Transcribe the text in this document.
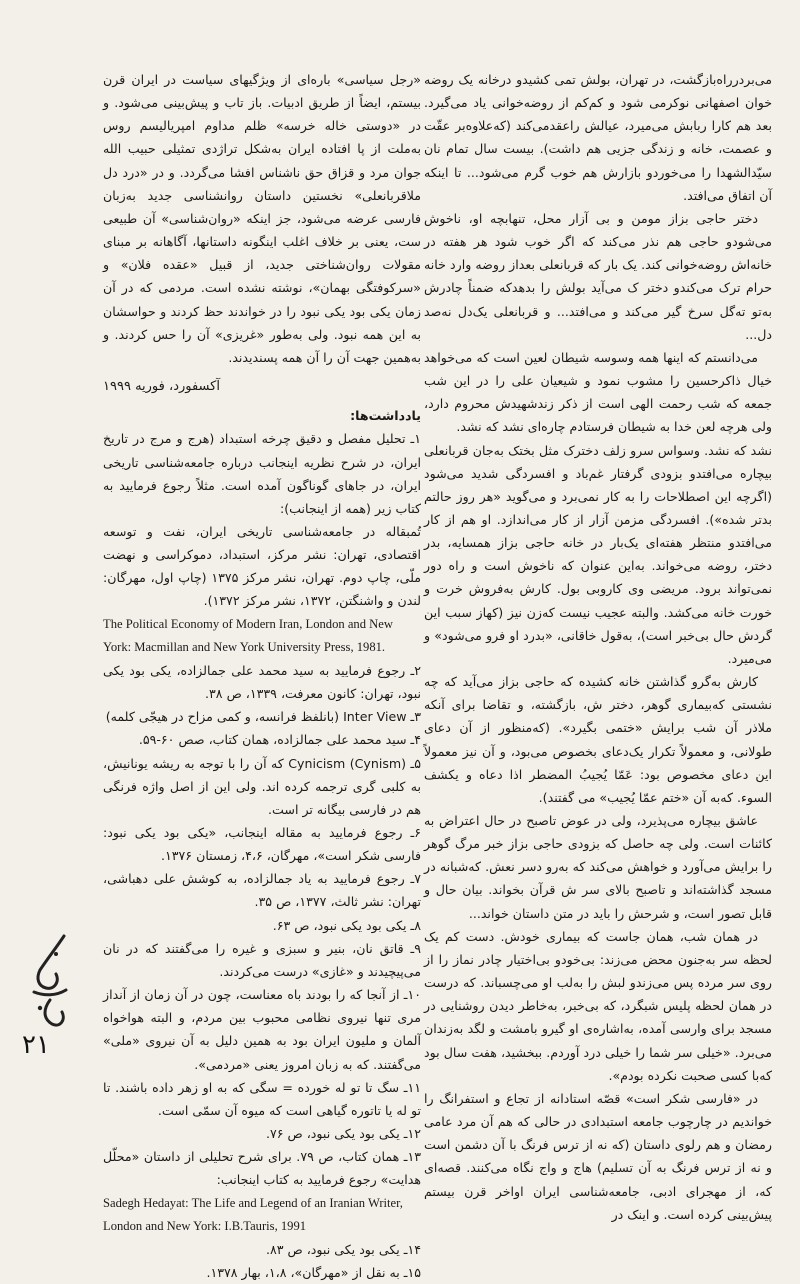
می‌بردرراه‌بازگشت، در تهران، بولش تمی کشیدو درخانه‌ یک روضه خوان اصفهانی نوکرمی شود و کم‌کم از روضه‌خوانی یاد می‌گیرد. بعد هم کار‌ا ربابش می‌میرد، عیالش راعقدمی‌کند (که‌علاوه‌بر عقّت و عصمت، خانه و زندگی جزیی هم داشت). بیست سال تمام نان سیّدالشهدا را می‌خوردو بازارش هم خوب‌ گرم می‌شود... تا اینکه آن اتفاق می‌افتد.

دختر حاجی بزاز مومن و بی آزار محل، تنهابچه‌ او، ناخوش می‌شودو حاجی هم نذر می‌کند که اگر خوب شود هر هفته در خانه‌اش روضه‌خوانی کند. یک بار که قربانعلی بعداز روضه وارد خانه‌ حرام ترک می‌کندو دختر ک می‌آید بولش را بدهدکه ضمناً چادرش به‌تو ته‌گل سرخ گیر می‌کند و می‌افتد... و قربانعلی یک‌دل نه‌صد دل...

می‌دانستم که اینها همه وسوسه‌ شیطان لعین است که می‌خواهد خیال ذاکرحسین را مشوب نمود و شیعیان علی را در این شب جمعه‌ که شب رحمت الهی است از ذکر زندشهیدش محروم دارد، ولی هرچه لعن خدا به شیطان فرستادم چاره‌ای نشد که نشد.

نشد که نشد. وسواس سرو زلف دخترک مثل بختک به‌جان قربانعلی بیچاره می‌افتدو بزودی گرفتار غم‌باد و افسردگی شدید می‌شود (اگرچه این اصطلاحات را به کار نمی‌برد و می‌گوید «هر روز حالتم بدتر شده»). افسردگی مزمن آزار از کار می‌اندازد. او هم از کار می‌افتدو منتظر هفته‌ای یک‌بار در خانه‌ حاجی بزاز همسایه، بدر دختر، روضه می‌خواند. به‌این عنوان که ناخوش است و راه دور نمی‌تواند برود. مریضی وی کاروبی بول. کارش به‌فروش خرت و خورت خانه می‌کشد. والبته عجیب نیست که‌زن نیز (کهاز سبب این گردش حال بی‌خبر است)، به‌قول خاقانی، «بدرد او فرو می‌شود» و می‌میرد.

کارش به‌گرو گذاشتن خانه کشیده که حاجی بزاز می‌آید که چه نشستی که‌بیماری گوهر، دختر ش، بازگشته، و تقاضا برای آنکه ملاذر آن شب برایش «ختمی بگیرد». (که‌منظور از آن دعای طولانی، و معمولاً تکرار یک‌دعای بخصوص می‌بود، و آن نیز معمولاً این دعای مخصوص بود: عَمّا یُجیبُ المضطر اذا دعاه و یکشف السوء. که‌به آن «ختم عمّا یُجیب» می گفتند).

عاشق بیچاره می‌پذیرد، ولی در عوض تاصبح در حال اعتراض به کائنات است. ولی چه حاصل که بزودی حاجی بزاز خبر مرگ گوهر را برایش می‌آورد و خواهش می‌کند که به‌رو دسر نعش. که‌شبانه در مسجد گذاشته‌اند و تاصبح بالای سر ش قرآن بخواند. بیان حال و قابل تصور است، و شرحش را باید در متن داستان خواند...

در همان شب، همان جاست که‌ بیماری خودش. دست کم یک لحظه‌ سر به‌جنون محض می‌زند: بی‌خودو بی‌اختیار چادر نماز را از روی سر مرده پس‌ می‌زندو لبش را به‌لب او می‌چسباند. که درست در همان لحظه پلیس شبگرد، که بی‌خبر، به‌خاطر دیدن روشنایی در مسجد برای وارسی آمده، به‌اشاره‌ی او گیرو بامشت و لگد به‌زندان می‌برد. «خیلی سر شما را خیلی درد آوردم. ببخشید، هفت سال بود که‌با کسی صحبت نکرده بودم».

در «فارسی شکر است» قصّه‌ استادانه از تجاع و استفرانگ را خواندیم در چارچوب جامعه‌ استبدادی در حالی که هم آن مرد عامی رمضان و هم رلوی داستان (که‌ نه از ترس فرنگ‌ با آن دشمن است و نه‌ از ترس فرنگ به آن تسلیم) هاج و واج نگاه می‌کنند. قصه‌ای که، از مهجرای ادبی، جامعه‌شناسی ایران اواخر قرن بیستم پیش‌بینی کرده است. و اینک در

«رجل سیاسی» باره‌ای از ویژگیهای سیاست در ایران قرن بیستم، ایضاً از طریق ادبیات. باز تاب و پیش‌بینی می‌شود. و در «دوستی خاله خرسه» ظلم مداوم امپریالیسم روس به‌ملت از پا افتاده‌ ایران به‌شکل تراژدی تمثیلی حبیب الله جوان مرد و قزاق حق‌ ناشناس افشا می‌گردد. و در «درد دل ملاقربانعلی» نخستین داستان روانشناسی جدید به‌زبان فارسی عرضه می‌شود، جز اینکه «روان‌شناسی» آن طبیعی ست، یعنی بر خلاف اغلب اینگونه داستانها، آگاهانه بر مبنای مقولات روان‌شناختی جدید، از قبیل «عقده‌ فلان» و «سرکوفتگی بهمان»، نوشته نشده است. مردمی که در آن زمان یکی بود یکی نبود را در خواندند حظ کردند و حواسشان به‌ این همه نبود. ولی به‌طور «غریزی» آن را حس کردند. و به‌همین جهت آن را آن همه پسندیدند.

آکسفورد، فوریه ۱۹۹۹

یادداشت‌ها:

۱ـ تحلیل مفصل و دقیق چرخه‌ استبداد (هرج و مرج در تاریخ ایران، در شرح نظریه‌ اینجانب درباره‌ جامعه‌شناسی تاریخی ایران، در جاهای گوناگون آمده است. مثلاً رجوع فرمایید به کتاب زیر (همه از اینجانب):
تُمبقاله در جامعه‌شناسی تاریخی ایران، نفت و توسعه‌ اقتصادی، تهران: نشر مرکز، استبداد، دموکراسی و نهضت ملّی، چاپ دوم. تهران، نشر مرکز ۱۳۷۵ (چاپ اول، مهرگان: لندن و واشنگتن، ۱۳۷۲، نشر مرکز ۱۳۷۲).
The Political Economy of Modern Iran, London and New York: Macmillan and New York University Press, 1981.
۲ـ رجوع فرمایید به‌ سید محمد علی جمالزاده، یکی بود یکی نبود، تهران: کانون معرفت، ۱۳۳۹، ص ۳۸.
۳ـ Inter View (بانلفظ فرانسه، و کمی مزاح در هیجّی کلمه)
۴ـ سید محمد علی جمالزاده، همان کتاب، صص ۶۰-۵۹.
۵ـ (Cynism) Cynicism که‌ آن را با توجه به ریشه‌ یونانیش، به‌ کلبی گری ترجمه کرده اند. ولی این از اصل واژه‌ فرنگی هم در فارسی بیگانه تر است.
۶ـ رجوع فرمایید به‌ مقاله‌ اینجانب، «یکی بود یکی نبود: فارسی شکر است»، مهرگان، ۴،۶، زمستان ۱۳۷۶.
۷ـ رجوع فرمایید به‌ یاد جمالزاده، به‌ کوشش علی دهباشی، تهران: نشر ثالث، ۱۳۷۷، ص ۳۵.
۸ـ یکی بود یکی نبود، ص ۶۳.
۹ـ قاتق نان، بنیر و سبزی و غیره را می‌گفتند که در نان می‌پیچیدند و «غازی» درست می‌کردند.
۱۰ـ از آنجا که‌ را بودند باه‌ معناست، چون در آن زمان از آنداز مری تنها نیروی نظامی محبوب بین مردم، و البته هواخواه آلمان و ملیون ایران بود به همین دلیل به آن نیروی «ملی» می‌گفتند. که به‌ زبان امروز یعنی «مردمی».
۱۱ـ سگ تا تو له خورده = سگی که به‌ او زهر داده باشند. تا تو له یا تاتوره گیاهی است که میوه‌ آن سمّی است.
۱۲ـ یکی بود یکی نبود، ص ۷۶.
۱۳ـ همان کتاب، ص ۷۹. برای شرح تحلیلی از داستان «محلّل هدایت» رجوع فرمایید به‌ کتاب اینجانب:
Sadegh Hedayat: The Life and Legend of an Iranian Writer, London and New York: I.B.Tauris, 1991
۱۴ـ یکی بود یکی نبود، ص ۸۳.
۱۵ـ به‌ نقل از «مهرگان»، ۱،۸، بهار ۱۳۷۸.
۲۱
